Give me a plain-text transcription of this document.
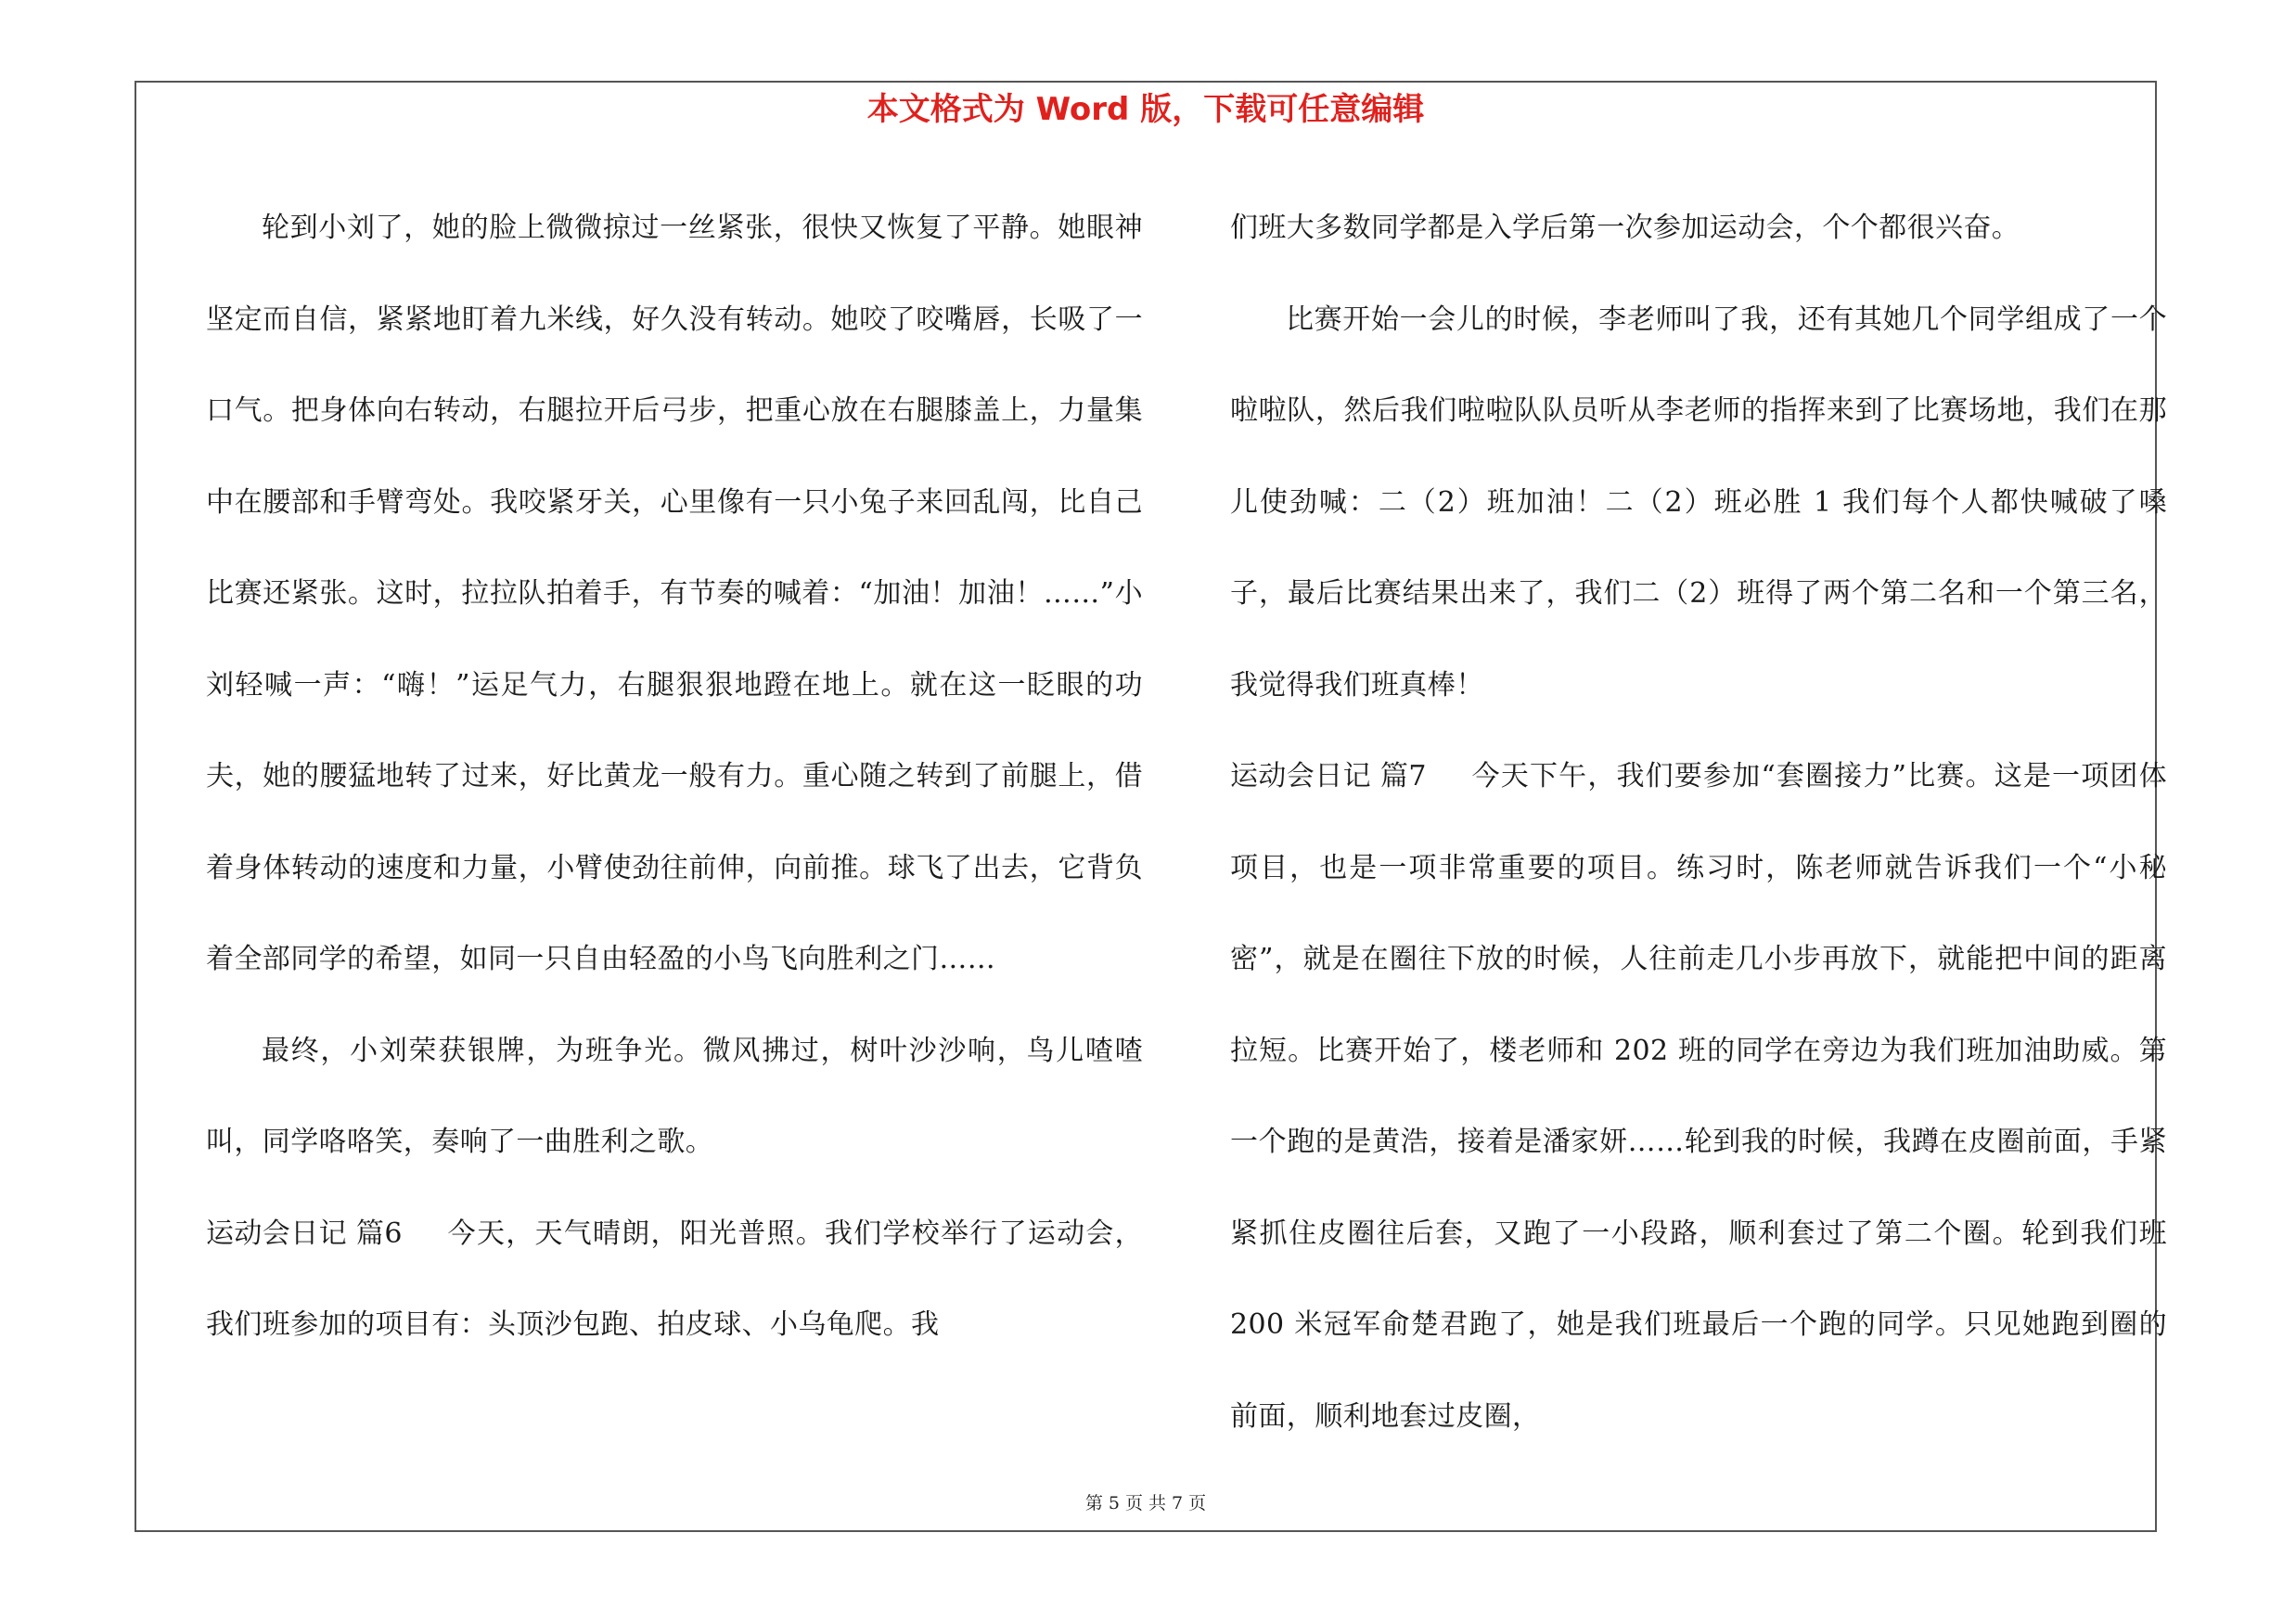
本文格式为 Word 版，下载可任意编辑

轮到小刘了，她的脸上微微掠过一丝紧张，很快又恢复了平静。她眼神坚定而自信，紧紧地盯着九米线，好久没有转动。她咬了咬嘴唇，长吸了一口气。把身体向右转动，右腿拉开后弓步，把重心放在右腿膝盖上，力量集中在腰部和手臂弯处。我咬紧牙关，心里像有一只小兔子来回乱闯，比自己比赛还紧张。这时，拉拉队拍着手，有节奏的喊着：“加油！加油！……”小刘轻喊一声：“嗨！”运足气力，右腿狠狠地蹬在地上。就在这一眨眼的功夫，她的腰猛地转了过来，好比黄龙一般有力。重心随之转到了前腿上，借着身体转动的速度和力量，小臂使劲往前伸，向前推。球飞了出去，它背负着全部同学的希望，如同一只自由轻盈的小鸟飞向胜利之门……

最终，小刘荣获银牌，为班争光。微风拂过，树叶沙沙响，鸟儿喳喳叫，同学咯咯笑，奏响了一曲胜利之歌。

运动会日记 篇6 今天，天气晴朗，阳光普照。我们学校举行了运动会，我们班参加的项目有：头顶沙包跑、拍皮球、小乌龟爬。我

们班大多数同学都是入学后第一次参加运动会，个个都很兴奋。

比赛开始一会儿的时候，李老师叫了我，还有其她几个同学组成了一个啦啦队，然后我们啦啦队队员听从李老师的指挥来到了比赛场地，我们在那儿使劲喊：二（2）班加油！二（2）班必胜 1 我们每个人都快喊破了嗓子，最后比赛结果出来了，我们二（2）班得了两个第二名和一个第三名，我觉得我们班真棒！

运动会日记 篇7 今天下午，我们要参加“套圈接力”比赛。这是一项团体项目，也是一项非常重要的项目。练习时，陈老师就告诉我们一个“小秘密”，就是在圈往下放的时候，人往前走几小步再放下，就能把中间的距离拉短。比赛开始了，楼老师和 202 班的同学在旁边为我们班加油助威。第一个跑的是黄浩，接着是潘家妍……轮到我的时候，我蹲在皮圈前面，手紧紧抓住皮圈往后套，又跑了一小段路，顺利套过了第二个圈。轮到我们班 200 米冠军俞楚君跑了，她是我们班最后一个跑的同学。只见她跑到圈的前面，顺利地套过皮圈，

第 5 页 共 7 页
